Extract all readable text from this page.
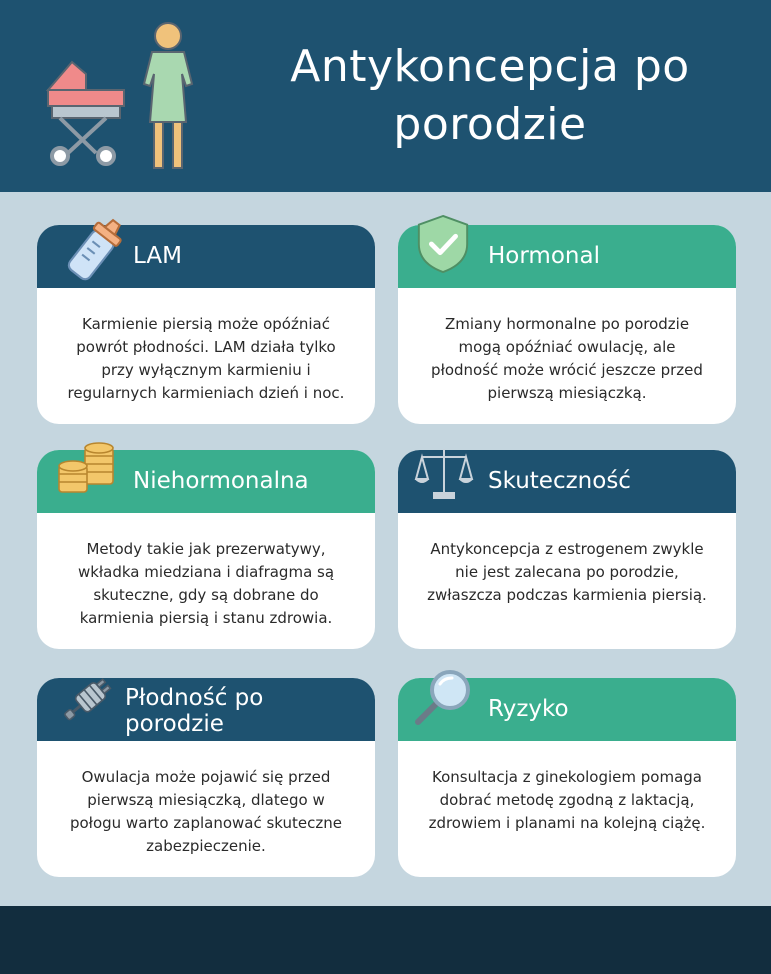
Antykoncepcja po porodzie
LAM
Karmienie piersią może opóźniać powrót płodności. LAM działa tylko przy wyłącznym karmieniu i regularnych karmieniach dzień i noc.
Hormonal
Zmiany hormonalne po porodzie mogą opóźniać owulację, ale płodność może wrócić jeszcze przed pierwszą miesiączką.
Niehormonalna
Metody takie jak prezerwatywy, wkładka miedziana i diafragma są skuteczne, gdy są dobrane do karmienia piersią i stanu zdrowia.
Skuteczność
Antykoncepcja z estrogenem zwykle nie jest zalecana po porodzie, zwłaszcza podczas karmienia piersią.
Płodność po porodzie
Owulacja może pojawić się przed pierwszą miesiączką, dlatego w połogu warto zaplanować skuteczne zabezpieczenie.
Ryzyko
Konsultacja z ginekologiem pomaga dobrać metodę zgodną z laktacją, zdrowiem i planami na kolejną ciążę.
